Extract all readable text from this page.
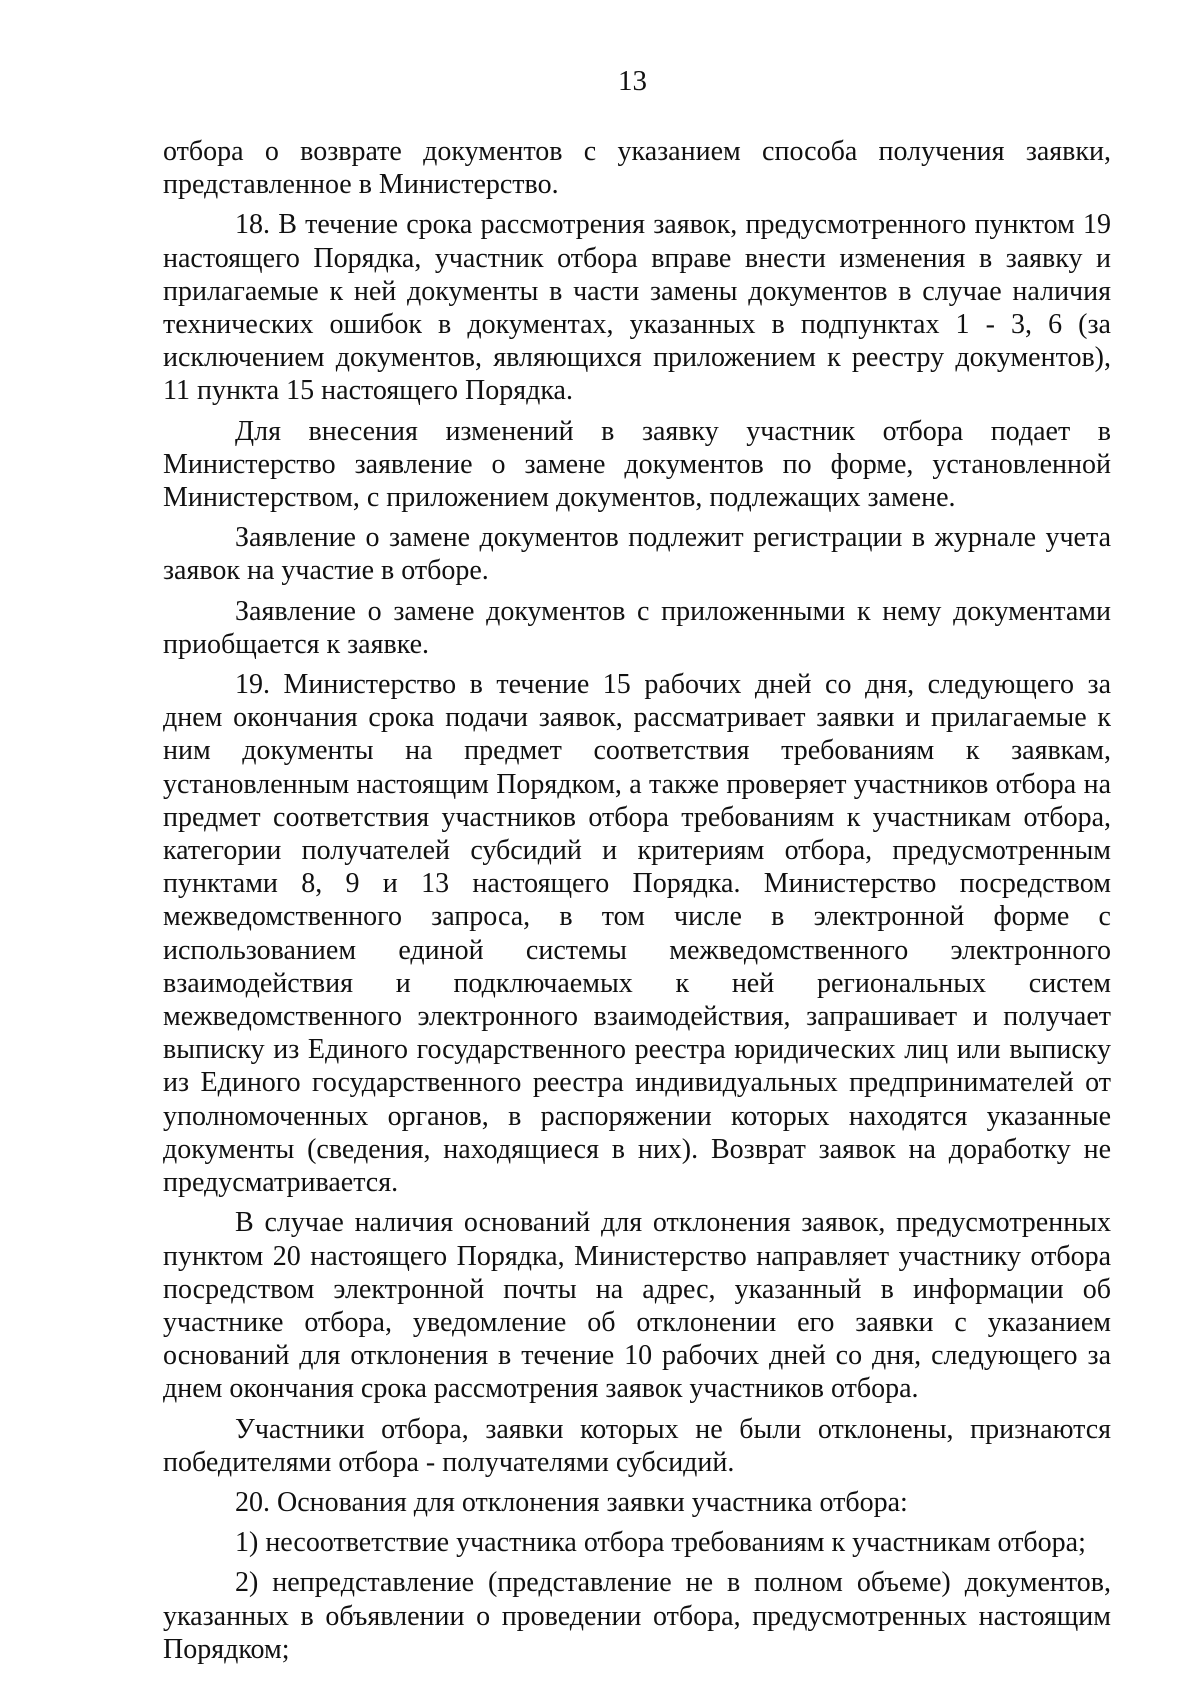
13

отбора о возврате документов с указанием способа получения заявки, представленное в Министерство.

18. В течение срока рассмотрения заявок, предусмотренного пунктом 19 настоящего Порядка, участник отбора вправе внести изменения в заявку и прилагаемые к ней документы в части замены документов в случае наличия технических ошибок в документах, указанных в подпунктах 1 - 3, 6 (за исключением документов, являющихся приложением к реестру документов), 11 пункта 15 настоящего Порядка.

Для внесения изменений в заявку участник отбора подает в Министерство заявление о замене документов по форме, установленной Министерством, с приложением документов, подлежащих замене.

Заявление о замене документов подлежит регистрации в журнале учета заявок на участие в отборе.

Заявление о замене документов с приложенными к нему документами приобщается к заявке.

19. Министерство в течение 15 рабочих дней со дня, следующего за днем окончания срока подачи заявок, рассматривает заявки и прилагаемые к ним документы на предмет соответствия требованиям к заявкам, установленным настоящим Порядком, а также проверяет участников отбора на предмет соответствия участников отбора требованиям к участникам отбора, категории получателей субсидий и критериям отбора, предусмотренным пунктами 8, 9 и 13 настоящего Порядка. Министерство посредством межведомственного запроса, в том числе в электронной форме с использованием единой системы межведомственного электронного взаимодействия и подключаемых к ней региональных систем межведомственного электронного взаимодействия, запрашивает и получает выписку из Единого государственного реестра юридических лиц или выписку из Единого государственного реестра индивидуальных предпринимателей от уполномоченных органов, в распоряжении которых находятся указанные документы (сведения, находящиеся в них). Возврат заявок на доработку не предусматривается.

В случае наличия оснований для отклонения заявок, предусмотренных пунктом 20 настоящего Порядка, Министерство направляет участнику отбора посредством электронной почты на адрес, указанный в информации об участнике отбора, уведомление об отклонении его заявки с указанием оснований для отклонения в течение 10 рабочих дней со дня, следующего за днем окончания срока рассмотрения заявок участников отбора.

Участники отбора, заявки которых не были отклонены, признаются победителями отбора - получателями субсидий.

20. Основания для отклонения заявки участника отбора:

1) несоответствие участника отбора требованиям к участникам отбора;

2) непредставление (представление не в полном объеме) документов, указанных в объявлении о проведении отбора, предусмотренных настоящим Порядком;
